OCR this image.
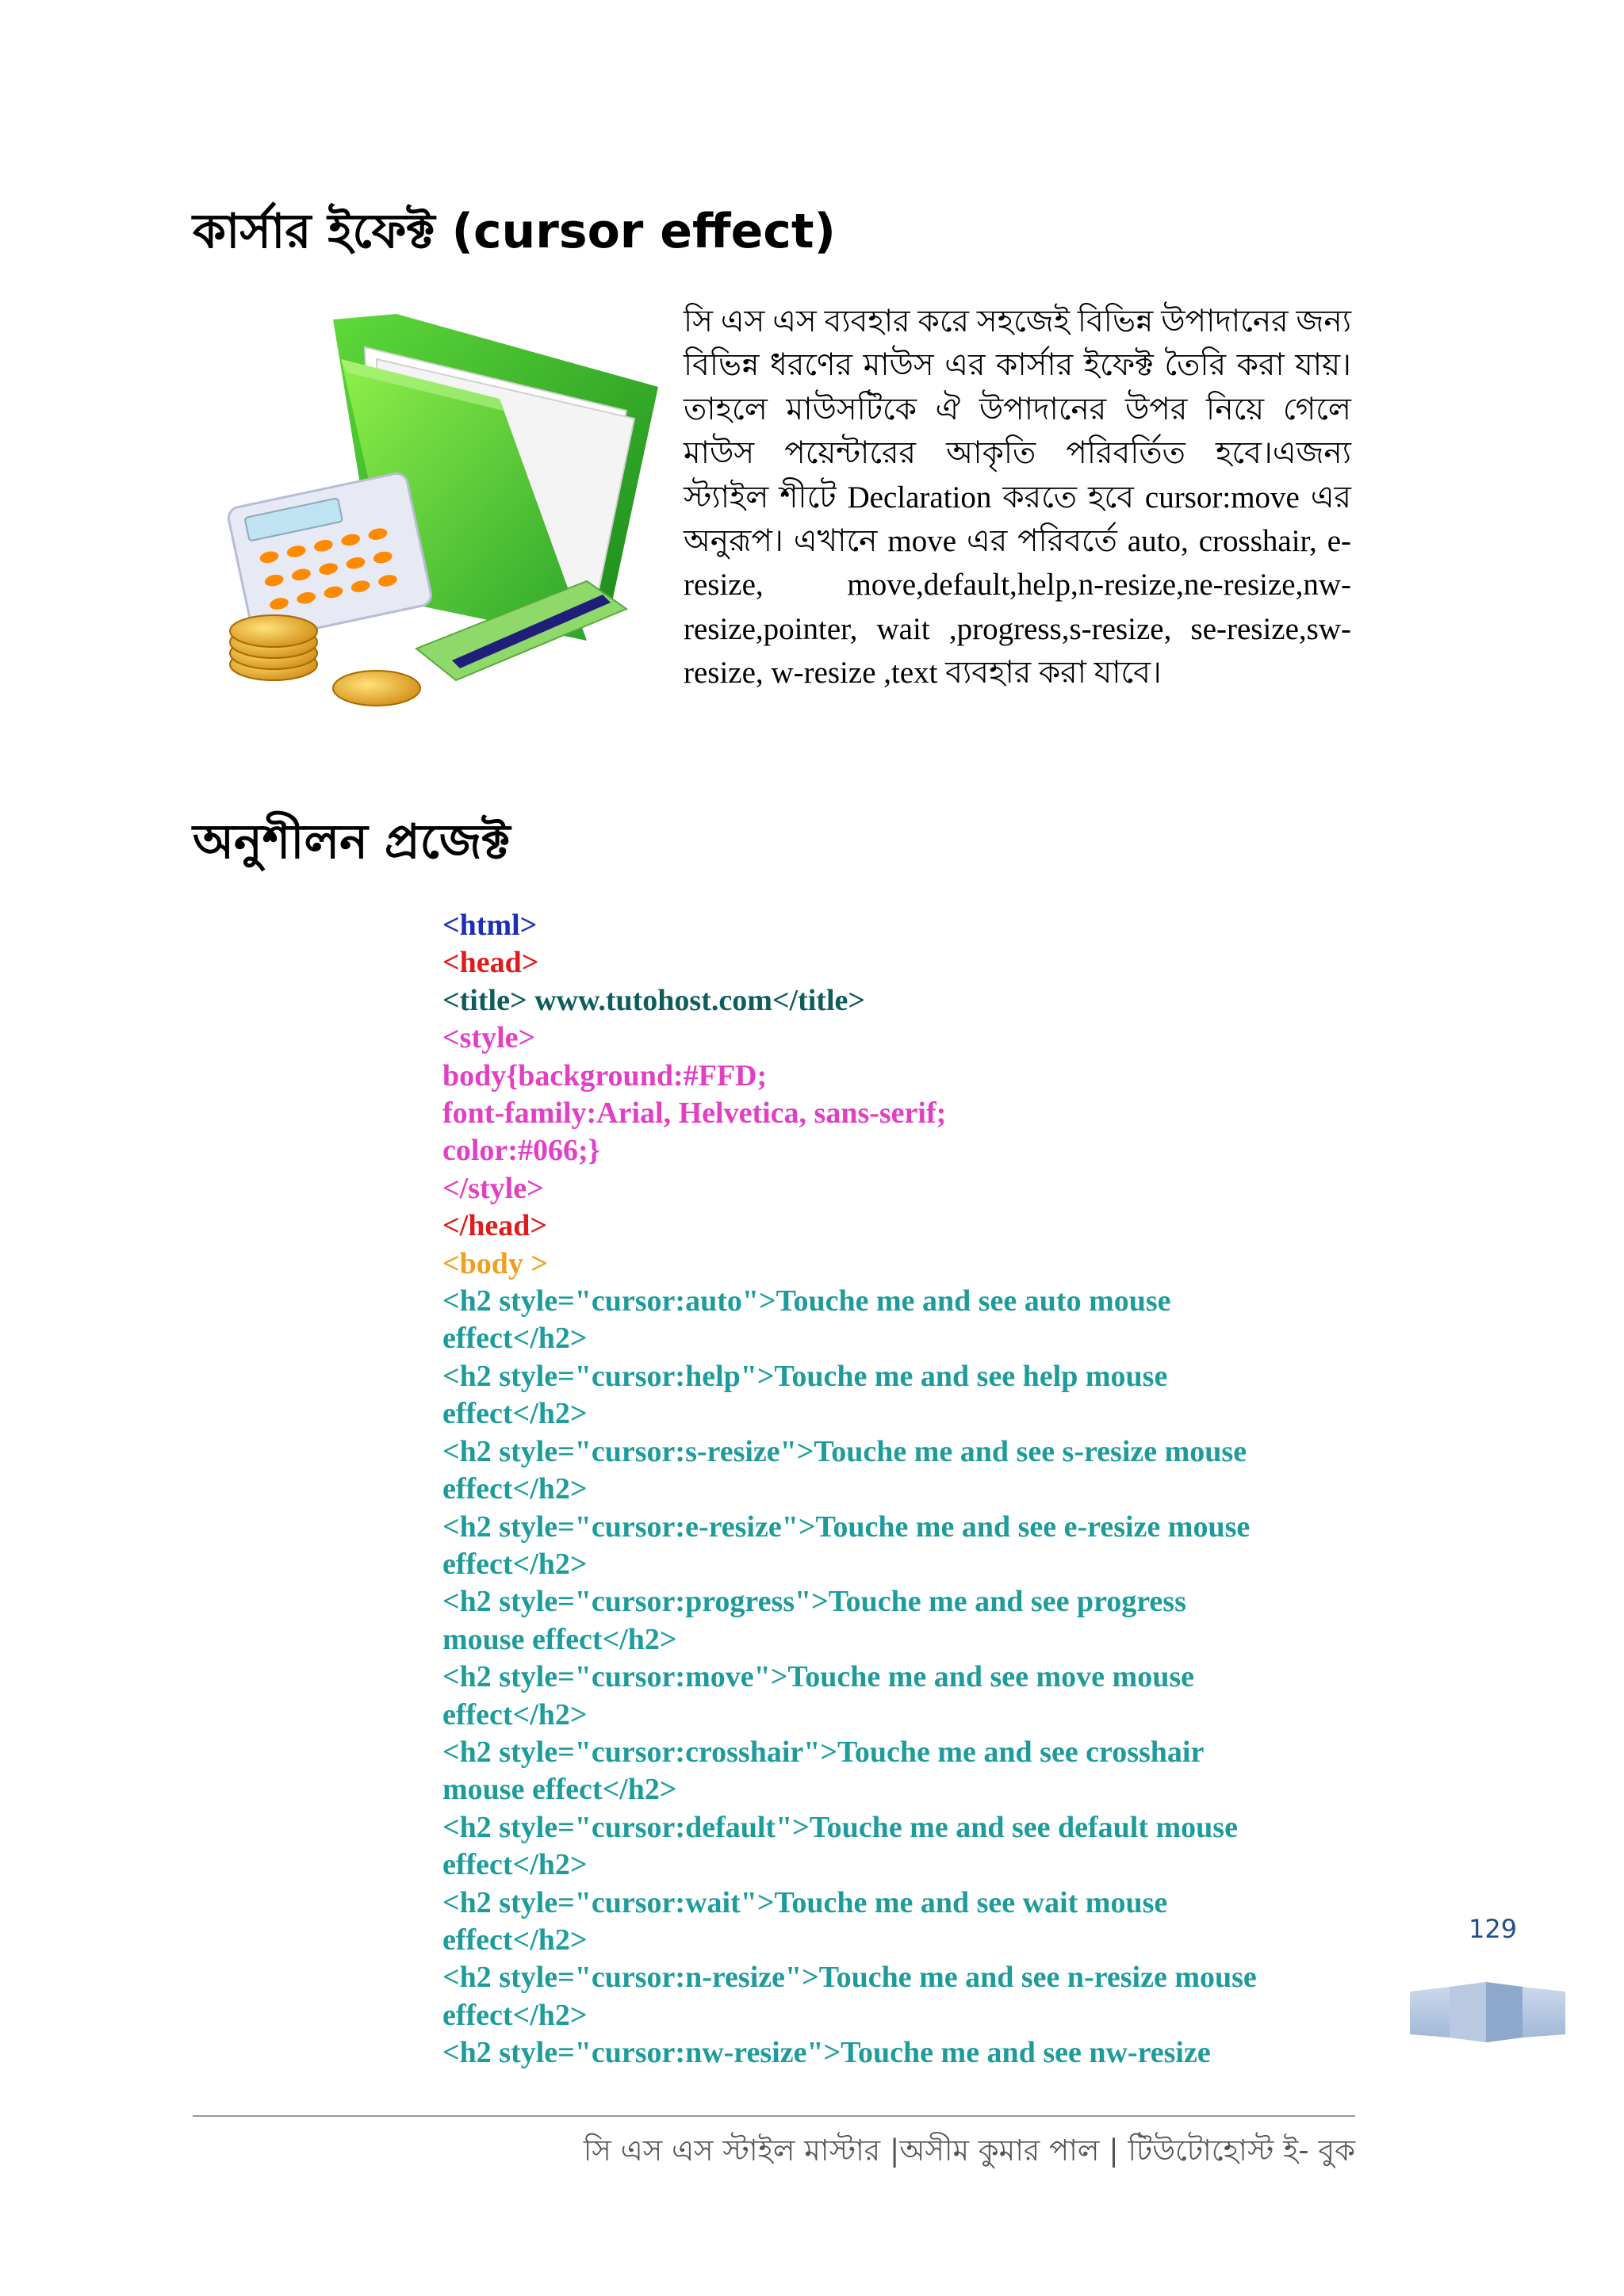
কার্সার ইফেক্ট (cursor effect)
সি এস এস ব্যবহার করে সহজেই বিভিন্ন উপাদানের জন্য বিভিন্ন ধরণের মাউস এর কার্সার ইফেক্ট তৈরি করা যায়। তাহলে মাউসটিকে ঐ উপাদানের উপর নিয়ে গেলে মাউস পয়েন্টারের আকৃতি পরিবর্তিত হবে।এজন্য স্ট্যাইল শীটে Declaration করতে হবে cursor:move এর অনুরূপ। এখানে move এর পরিবর্তে auto, crosshair, e-resize, move,default,help,n-resize,ne-resize,nw-resize,pointer, wait ,progress,s-resize, se-resize,sw-resize, w-resize ,text ব্যবহার করা যাবে।
অনুশীলন প্রজেক্ট
<html>
<head>
<title> www.tutohost.com</title>
<style>
body{background:#FFD;
font-family:Arial, Helvetica, sans-serif;
color:#066;}
</style>
</head>
<body >
<h2 style="cursor:auto">Touche me and see auto mouse
effect</h2>
<h2 style="cursor:help">Touche me and see help mouse
effect</h2>
<h2 style="cursor:s-resize">Touche me and see s-resize mouse
effect</h2>
<h2 style="cursor:e-resize">Touche me and see e-resize mouse
effect</h2>
<h2 style="cursor:progress">Touche me and see progress
mouse effect</h2>
<h2 style="cursor:move">Touche me and see move mouse
effect</h2>
<h2 style="cursor:crosshair">Touche me and see crosshair
mouse effect</h2>
<h2 style="cursor:default">Touche me and see default mouse
effect</h2>
<h2 style="cursor:wait">Touche me and see wait mouse
effect</h2>
<h2 style="cursor:n-resize">Touche me and see n-resize mouse
effect</h2>
<h2 style="cursor:nw-resize">Touche me and see nw-resize
129
সি এস এস স্টাইল মাস্টার |অসীম কুমার পাল | টিউটোহোস্ট ই- বুক
